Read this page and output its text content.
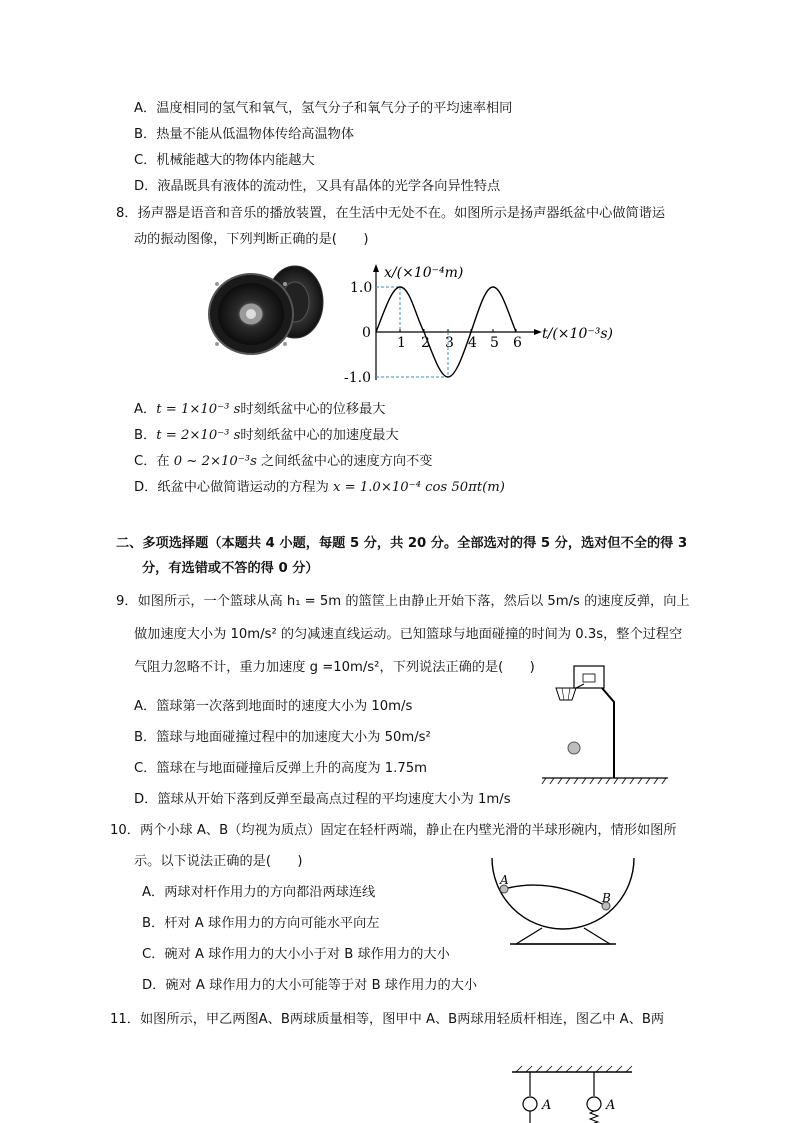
A．温度相同的氢气和氧气，氢气分子和氧气分子的平均速率相同
B．热量不能从低温物体传给高温物体
C．机械能越大的物体内能越大
D．液晶既具有液体的流动性，又具有晶体的光学各向异性特点
8．扬声器是语音和音乐的播放装置，在生活中无处不在。如图所示是扬声器纸盆中心做简谐运
动的振动图像，下列判断正确的是(　　)
1.0
0
-1.0
1 2 3 4 5 6
x/(×10⁻⁴m)
t/(×10⁻³s)
A．t = 1×10⁻³ s时刻纸盆中心的位移最大
B．t = 2×10⁻³ s时刻纸盆中心的加速度最大
C．在 0 ~ 2×10⁻³s 之间纸盆中心的速度方向不变
D．纸盆中心做简谐运动的方程为 x = 1.0×10⁻⁴ cos 50πt(m)
二、多项选择题（本题共 4 小题，每题 5 分，共 20 分。全部选对的得 5 分，选对但不全的得 3
分，有选错或不答的得 0 分）
9．如图所示，一个篮球从高 h₁ = 5m 的篮筐上由静止开始下落，然后以 5m/s 的速度反弹，向上
做加速度大小为 10m/s² 的匀减速直线运动。已知篮球与地面碰撞的时间为 0.3s，整个过程空
气阻力忽略不计，重力加速度 g =10m/s²，下列说法正确的是(　　)
A．篮球第一次落到地面时的速度大小为 10m/s
B．篮球与地面碰撞过程中的加速度大小为 50m/s²
C．篮球在与地面碰撞后反弹上升的高度为 1.75m
D．篮球从开始下落到反弹至最高点过程的平均速度大小为 1m/s
10．两个小球 A、B（均视为质点）固定在轻杆两端，静止在内壁光滑的半球形碗内，情形如图所
示。以下说法正确的是(　　)
A
B
A．两球对杆作用力的方向都沿两球连线
B．杆对 A 球作用力的方向可能水平向左
C．碗对 A 球作用力的大小小于对 B 球作用力的大小
D．碗对 A 球作用力的大小可能等于对 B 球作用力的大小
11．如图所示，甲乙两图A、B两球质量相等，图甲中 A、B两球用轻质杆相连，图乙中 A、B两
A	A
